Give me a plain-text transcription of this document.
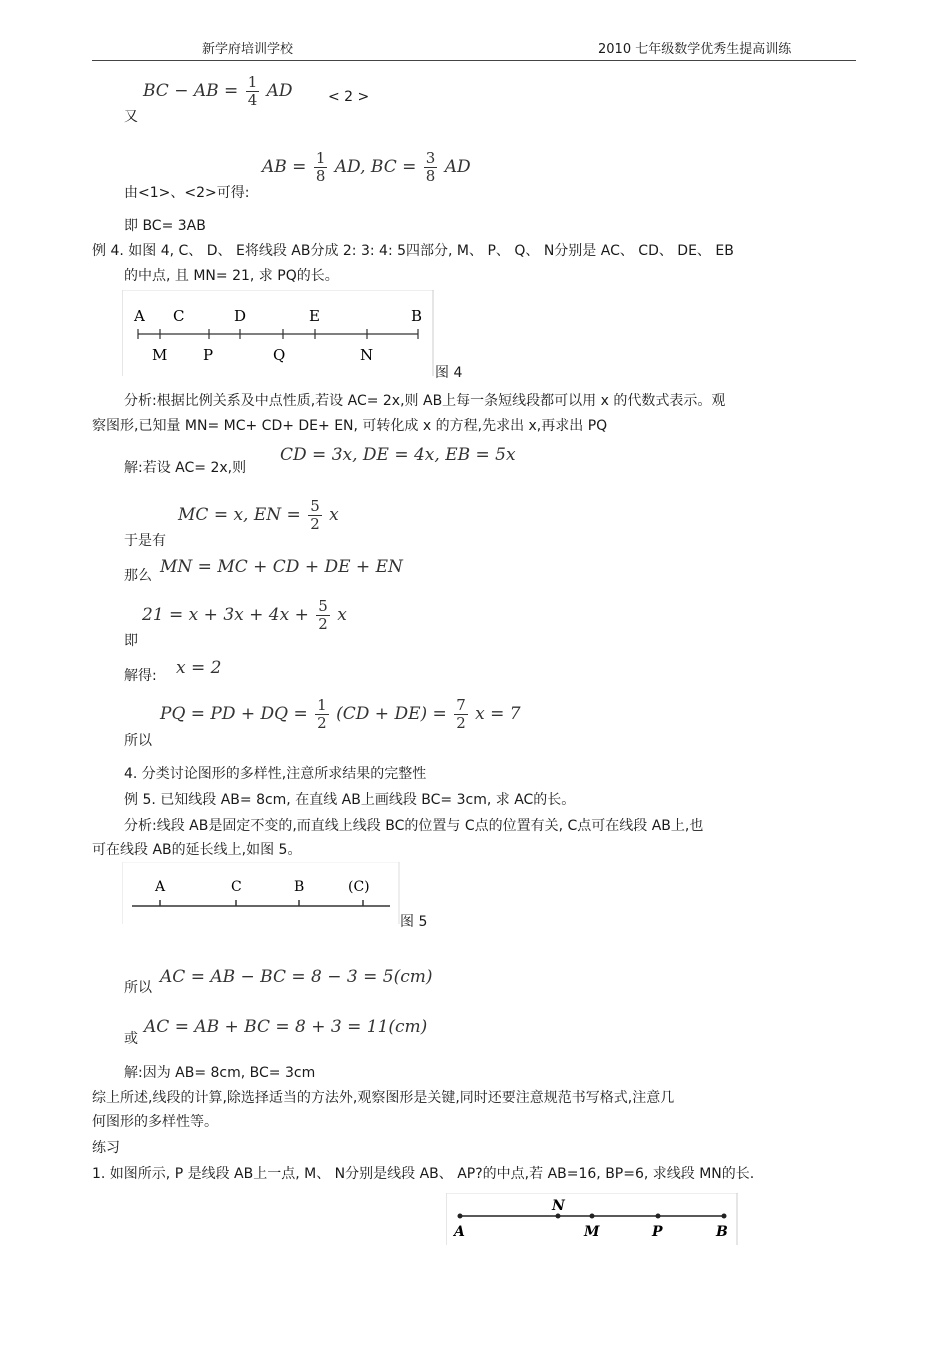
新学府培训学校	2010 七年级数学优秀生提高训练
BC − AB = $\frac{1}{4}$ AD	< 2 >
又
AB = $\frac{1}{8}$ AD, BC = $\frac{3}{8}$ AD
由<1>、<2>可得:
即 BC= 3AB
例 4. 如图 4, C、 D、 E将线段 AB分成 2: 3: 4: 5四部分, M、 P、 Q、 N分别是 AC、 CD、 DE、 EB
的中点, 且 MN= 21, 求 PQ的长。
A C	D	E	B
M P	Q	N
图 4
分析:根据比例关系及中点性质,若设 AC= 2x,则 AB上每一条短线段都可以用 x 的代数式表示。观
察图形,已知量 MN= MC+ CD+ DE+ EN, 可转化成 x 的方程,先求出 x,再求出 PQ
解:若设 AC= 2x,则
CD = 3x, DE = 4x, EB = 5x
MC = x, EN = $\frac{5}{2}$ x
于是有
那么 MN = MC + CD + DE + EN
$21 = x + 3x + 4x + \frac{5}{2}$ x
即
解得: x = 2
PQ = PD + DQ = $\frac{1}{2} (CD + DE) = \frac{7}{2}$ x = 7
所以
4. 分类讨论图形的多样性,注意所求结果的完整性
例 5. 已知线段 AB= 8cm, 在直线 AB上画线段 BC= 3cm, 求 AC的长。
分析:线段 AB是固定不变的,而直线上线段 BC的位置与 C点的位置有关, C点可在线段 AB上,也
可在线段 AB的延长线上,如图 5。
A	C	B	(C)
图 5
所以
AC = AB − BC = 8 − 3 = 5(cm)
或
AC = AB + BC = 8 + 3 = 11(cm)
解:因为 AB= 8cm, BC= 3cm
综上所述,线段的计算,除选择适当的方法外,观察图形是关键,同时还要注意规范书写格式,注意几
何图形的多样性等。
练习
1. 如图所示, P 是线段 AB上一点, M、 N分别是线段 AB、 AP?的中点,若 AB=16, BP=6, 求线段 MN的长.
A
N
M	P	B
